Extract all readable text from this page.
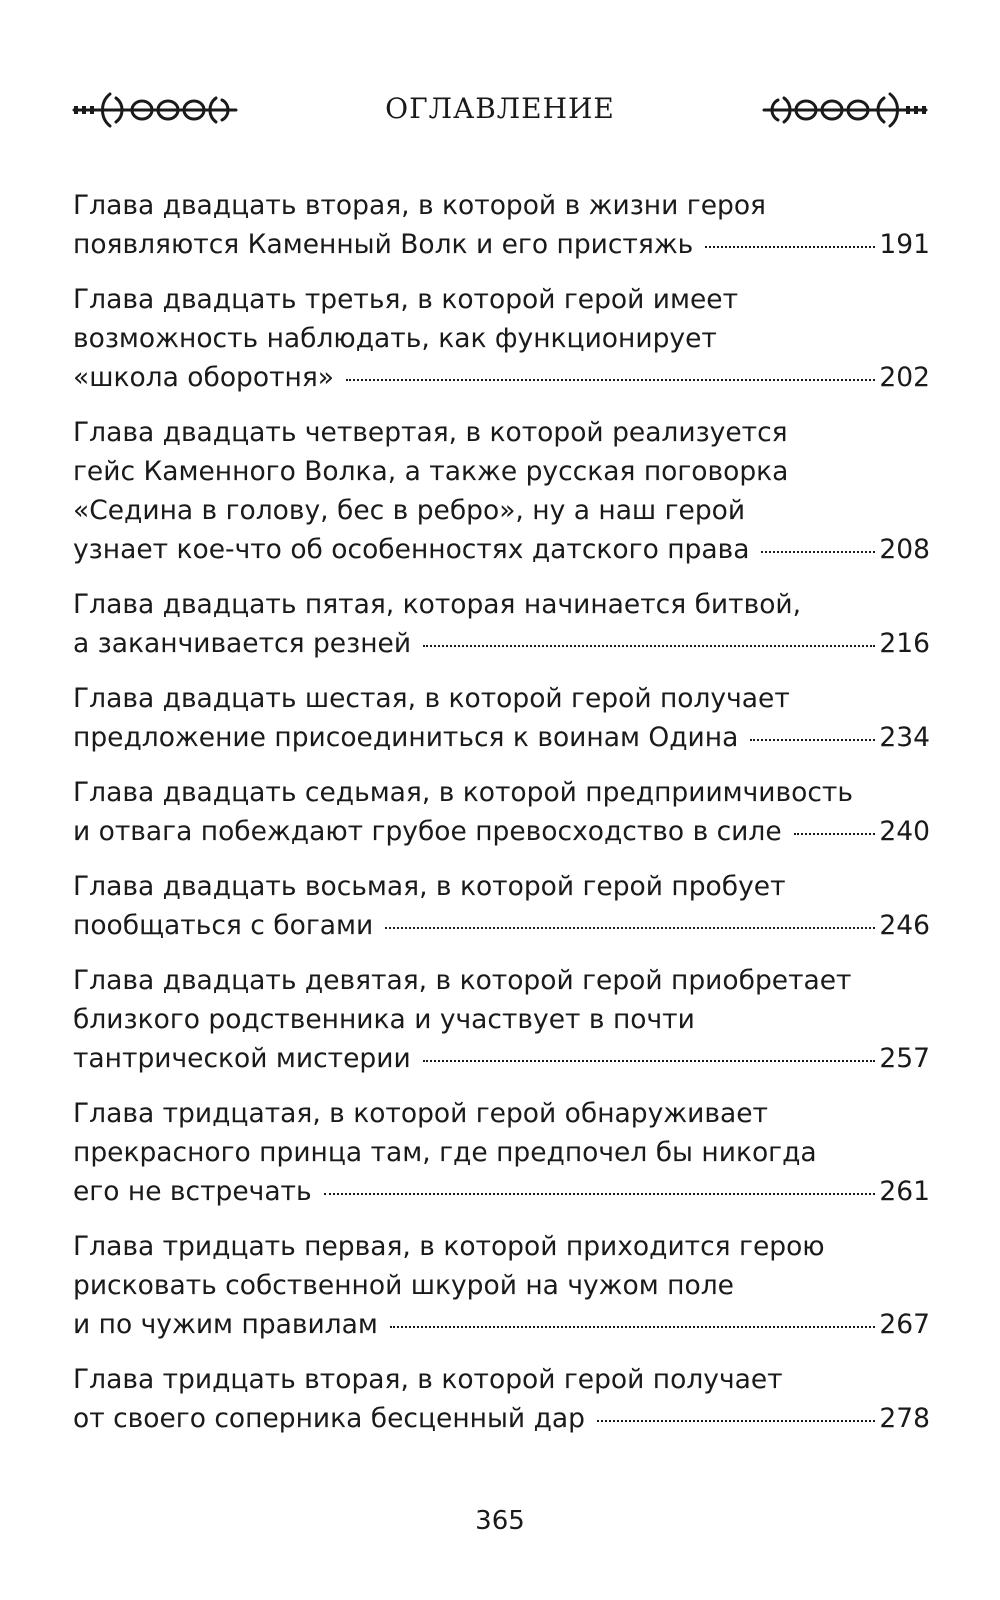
ОГЛАВЛЕНИЕ
Глава двадцать вторая, в которой в жизни героя
появляются Каменный Волк и его пристяжь	191
Глава двадцать третья, в которой герой имеет
возможность наблюдать, как функционирует
«школа оборотня»	202
Глава двадцать четвертая, в которой реализуется
гейс Каменного Волка, а также русская поговорка
«Седина в голову, бес в ребро», ну а наш герой
узнает кое-что об особенностях датского права	208
Глава двадцать пятая, которая начинается битвой,
а заканчивается резней	216
Глава двадцать шестая, в которой герой получает
предложение присоединиться к воинам Одина	234
Глава двадцать седьмая, в которой предприимчивость
и отвага побеждают грубое превосходство в силе	240
Глава двадцать восьмая, в которой герой пробует
пообщаться с богами	246
Глава двадцать девятая, в которой герой приобретает
близкого родственника и участвует в почти
тантрической мистерии	257
Глава тридцатая, в которой герой обнаруживает
прекрасного принца там, где предпочел бы никогда
его не встречать	261
Глава тридцать первая, в которой приходится герою
рисковать собственной шкурой на чужом поле
и по чужим правилам	267
Глава тридцать вторая, в которой герой получает
от своего соперника бесценный дар	278
365
